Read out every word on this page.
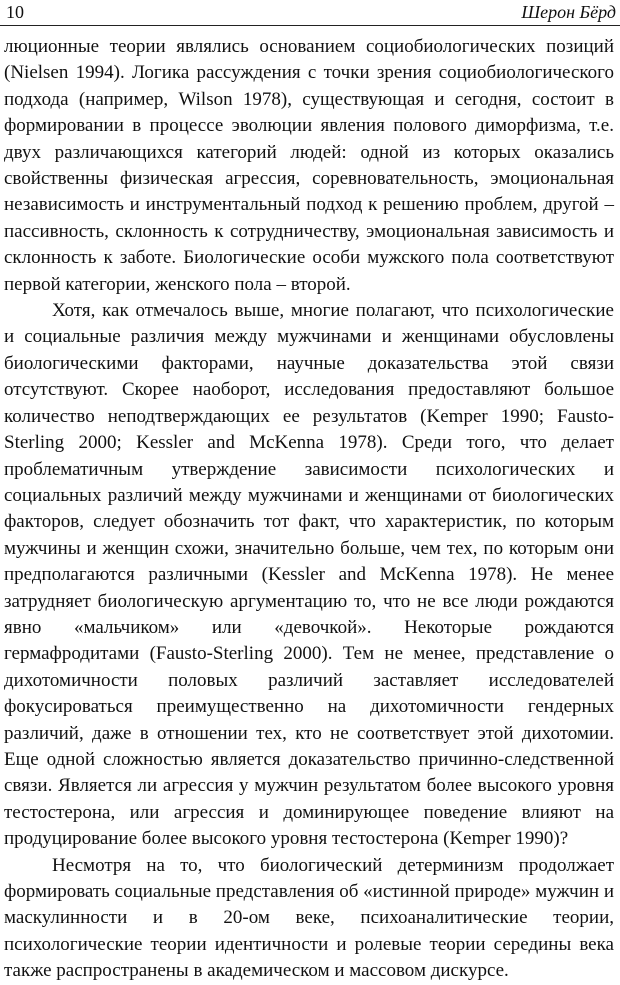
10	Шерон Бёрд

люционные теории являлись основанием социобиологических позиций (Nielsen 1994). Логика рассуждения с точки зрения социобиологического подхода (например, Wilson 1978), существующая и сегодня, состоит в формировании в процессе эволюции явления полового диморфизма, т.е. двух различающихся категорий людей: одной из которых оказались свойственны физическая агрессия, соревновательность, эмоциональная независимость и инструментальный подход к решению проблем, другой – пассивность, склонность к сотрудничеству, эмоциональная зависимость и склонность к заботе. Биологические особи мужского пола соответствуют первой категории, женского пола – второй.

Хотя, как отмечалось выше, многие полагают, что психологические и социальные различия между мужчинами и женщинами обусловлены биологическими факторами, научные доказательства этой связи отсутствуют. Скорее наоборот, исследования предоставляют большое количество неподтверждающих ее результатов (Kemper 1990; Fausto-Sterling 2000; Kessler and McKenna 1978). Среди того, что делает проблематичным утверждение зависимости психологических и социальных различий между мужчинами и женщинами от биологических факторов, следует обозначить тот факт, что характеристик, по которым мужчины и женщин схожи, значительно больше, чем тех, по которым они предполагаются различными (Kessler and McKenna 1978). Не менее затрудняет биологическую аргументацию то, что не все люди рождаются явно «мальчиком» или «девочкой». Некоторые рождаются гермафродитами (Fausto-Sterling 2000). Тем не менее, представление о дихотомичности половых различий заставляет исследователей фокусироваться преимущественно на дихотомичности гендерных различий, даже в отношении тех, кто не соответствует этой дихотомии. Еще одной сложностью является доказательство причинно-следственной связи. Является ли агрессия у мужчин результатом более высокого уровня тестостерона, или агрессия и доминирующее поведение влияют на продуцирование более высокого уровня тестостерона (Kemper 1990)?

Несмотря на то, что биологический детерминизм продолжает формировать социальные представления об «истинной природе» мужчин и маскулинности и в 20-ом веке, психоаналитические теории, психологические теории идентичности и ролевые теории середины века также распространены в академическом и массовом дискурсе.
